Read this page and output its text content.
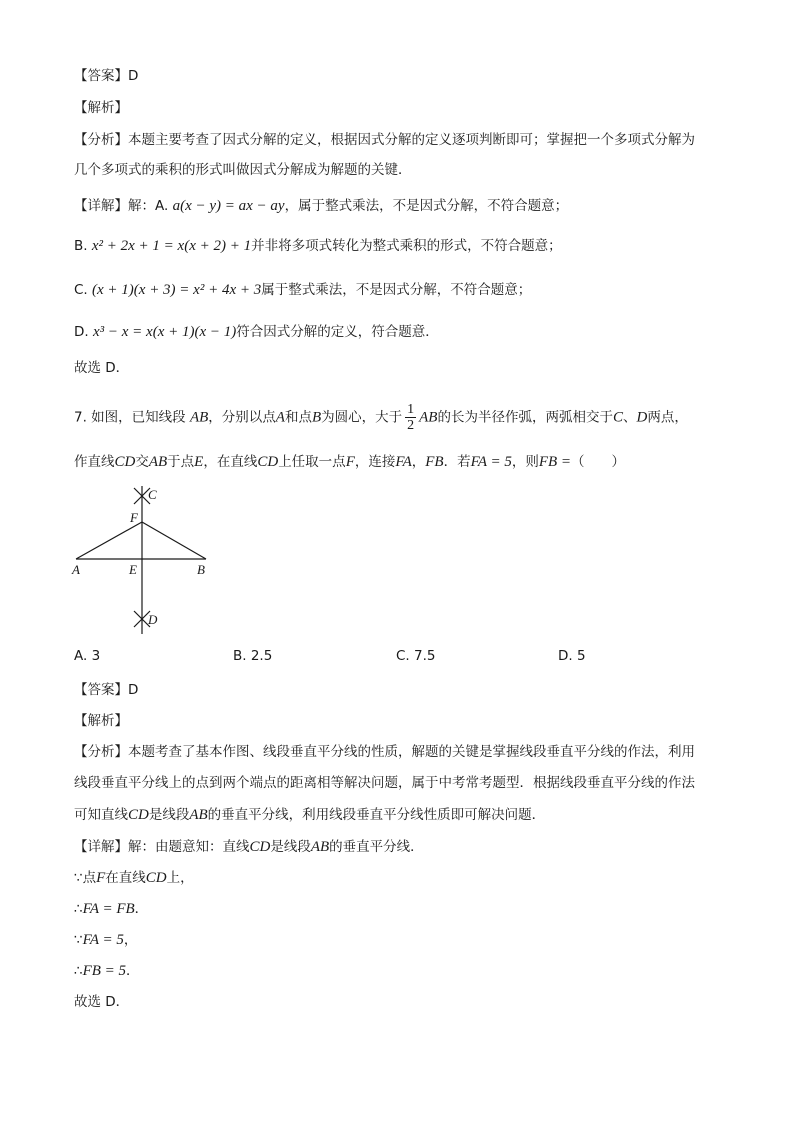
【答案】D
【解析】
【分析】本题主要考查了因式分解的定义，根据因式分解的定义逐项判断即可；掌握把一个多项式分解为
几个多项式的乘积的形式叫做因式分解成为解题的关键．
【详解】解：A. a(x − y) = ax − ay，属于整式乘法，不是因式分解，不符合题意；
B. x² + 2x + 1 = x(x + 2) + 1并非将多项式转化为整式乘积的形式，不符合题意；
C. (x + 1)(x + 3) = x² + 4x + 3属于整式乘法，不是因式分解，不符合题意；
D. x³ − x = x(x + 1)(x − 1)符合因式分解的定义，符合题意．
故选 D．
7. 如图，已知线段 AB，分别以点A和点B为圆心，大于 $\frac{1}{2}$ AB的长为半径作弧，两弧相交于C、D两点，
作直线CD交AB于点E，在直线CD上任取一点F，连接FA，FB．若FA = 5，则FB =（　　）
C
F
A	E	B
D
A. 3	B. 2.5	C. 7.5	D. 5
【答案】D
【解析】
【分析】本题考查了基本作图、线段垂直平分线的性质，解题的关键是掌握线段垂直平分线的作法，利用
线段垂直平分线上的点到两个端点的距离相等解决问题，属于中考常考题型．根据线段垂直平分线的作法
可知直线CD是线段AB的垂直平分线，利用线段垂直平分线性质即可解决问题．
【详解】解：由题意知：直线CD是线段AB的垂直平分线．
∵点F在直线CD上，
∴FA = FB．
∵FA = 5，
∴FB = 5．
故选 D．
